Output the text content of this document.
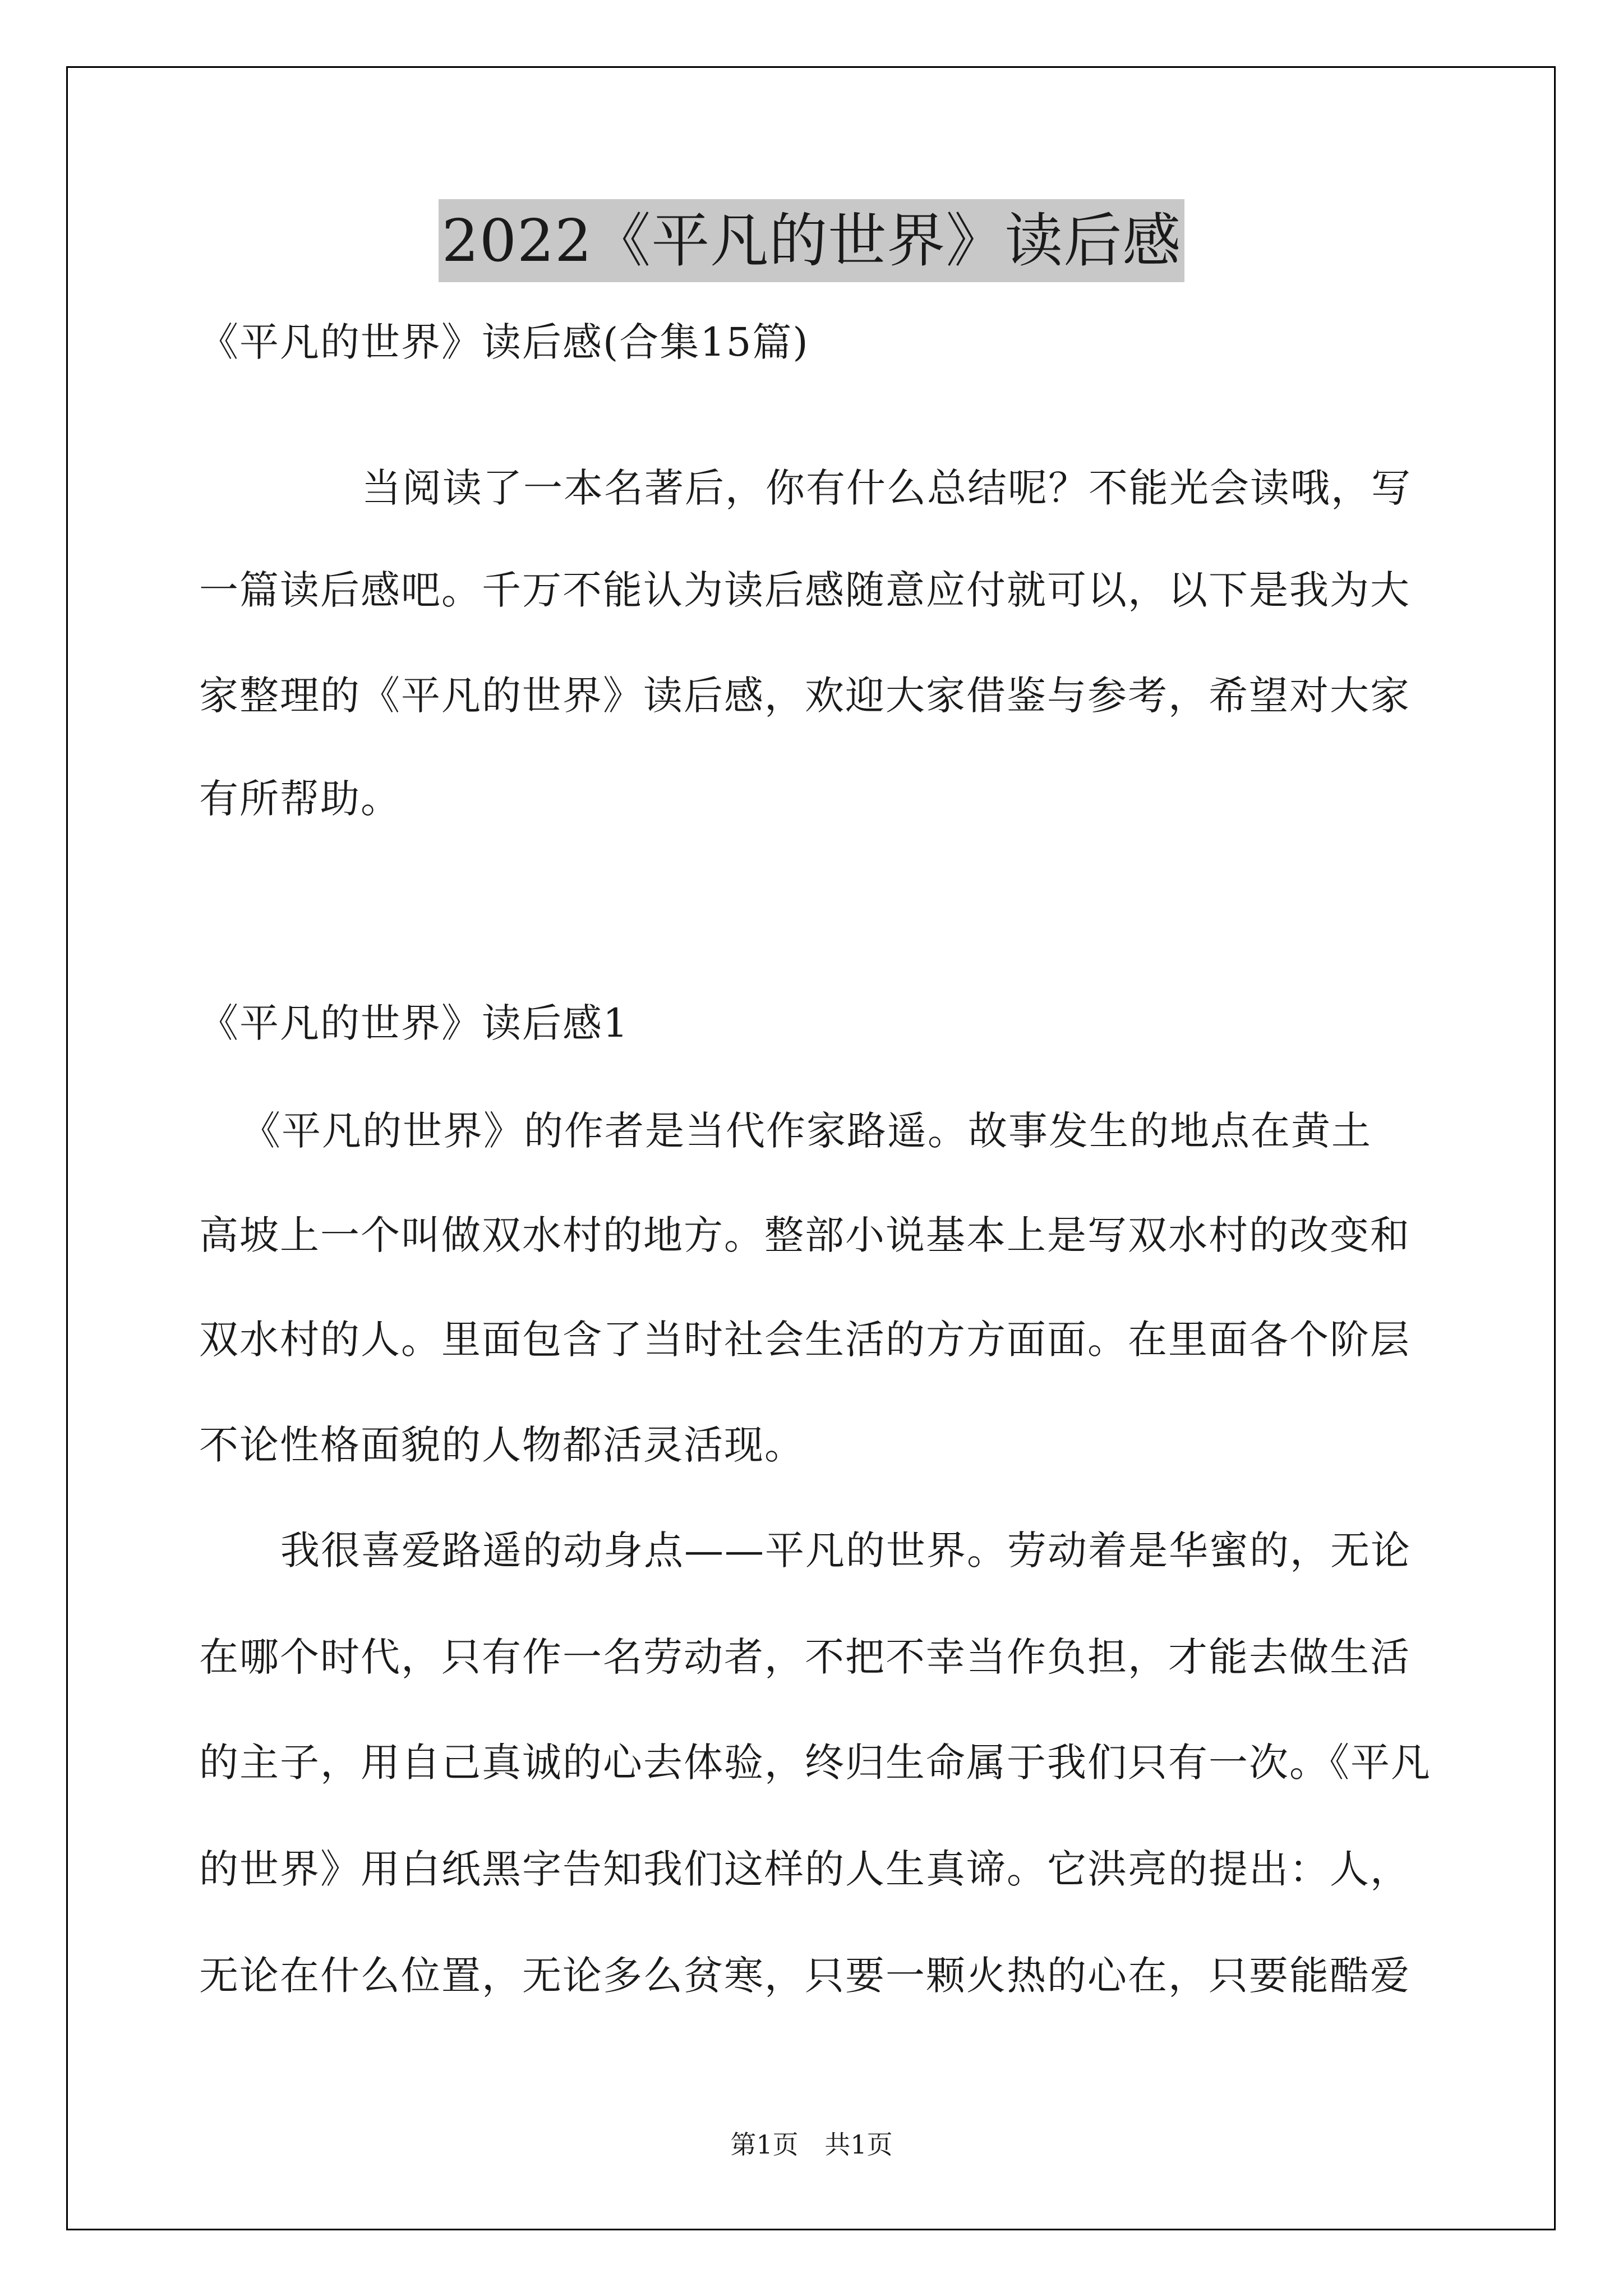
2022《平凡的世界》读后感
《平凡的世界》读后感(合集15篇)
当阅读了一本名著后，你有什么总结呢？不能光会读哦，写
一篇读后感吧。千万不能认为读后感随意应付就可以，以下是我为大
家整理的《平凡的世界》读后感，欢迎大家借鉴与参考，希望对大家
有所帮助。
《平凡的世界》读后感1
《平凡的世界》的作者是当代作家路遥。故事发生的地点在黄土
高坡上一个叫做双水村的地方。整部小说基本上是写双水村的改变和
双水村的人。里面包含了当时社会生活的方方面面。在里面各个阶层
不论性格面貌的人物都活灵活现。
我很喜爱路遥的动身点——平凡的世界。劳动着是华蜜的，无论
在哪个时代，只有作一名劳动者，不把不幸当作负担，才能去做生活
的主子，用自己真诚的心去体验，终归生命属于我们只有一次。《平凡
的世界》用白纸黑字告知我们这样的人生真谛。它洪亮的提出：人，
无论在什么位置，无论多么贫寒，只要一颗火热的心在，只要能酷爱
第1页 共1页
